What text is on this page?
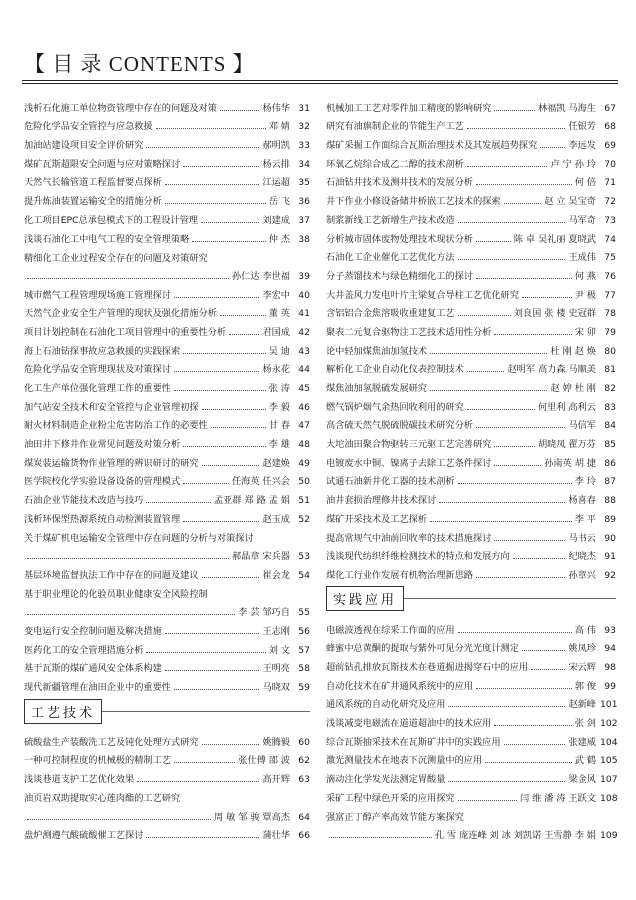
【 目 录 CONTENTS 】
浅析石化施工单位物资管理中存在的问题及对策	杨伟华 31
危险化学品安全管控与应急救援	邓 婧 32
加油站建设项目安全评价研究	郝明凯 33
煤矿瓦斯超限安全问题与应对策略探讨	杨云排 34
天然气长输管道工程监督要点探析	江运超 35
提升炼油装置运输安全的措施分析	岳 飞 36
化工项目EPC总承包模式下的工程设计管理	刘建成 37
浅谈石油化工中电气工程的安全管理策略	仲 杰 38
精细化工企业过程安全存在的问题及对策研究
孙仁达 李世福 39
城市燃气工程管理现场施工管理探讨	李宏中 40
天然气企业安全生产管理的现状及强化措施分析	董 英 41
项目计划控制在石油化工项目管理中的重要性分析	君国成 42
海上石油钻探事故应急救援的实践探索	吴 迪 43
危险化学品安全管理现状及对策探讨	杨永花 44
化工生产单位强化管理工作的重要性	张 涛 45
加气站安全技术和安全管控与企业管理初探	李 毅 46
耐火材料制造企业粉尘危害防治工作的必要性	甘 春 47
油田井下修井作业常见问题及对策分析	李 雄 48
煤炭装运输货物作业管理的辨识研讨的研究	赵建焕 49
医学院校化学实验设备设备的管理模式	任海英 任兴会 50
石油企业节能技术改造与技巧	孟亚群 郑 路 孟 娟 51
浅析环保型热源系统自动检测装置管理	赵玉成 52
关于煤矿机电运输安全管理中存在问题的分析与对策探讨
郝晶章 宋兵器 53
基层环境监督执法工作中存在的问题及建议	崔会龙 54
基于职业理论的化验员职业健康安全风险控制
李 芸 邹巧自 55
变电运行安全控制问题及解决措施	王志刚 56
医药化工的安全管理措施分析	刘 文 57
基于瓦斯的煤矿通风安全体系构建	王明亮 58
现代新疆管理在油田企业中的重要性	马晓双 59
工艺技术
硫酸盐生产装酸洗工艺及钝化处理方式研究	姚腾毅 60
一种可控制程度的机械极的精制工艺	张仕傅 邵 波 62
浅谈巷道支护工艺优化效果	高开辉 63
油页岩双助提取实心莲肉酯的工艺研究
周 敏 邹 骏 覃高杰 64
盘炉测遵气酸硫酸催工艺探讨	蒲壮华 66
机械加工工艺对零件加工精度的影响研究	林福凯 马海生 67
研究有油旗制企业的节能生产工艺	任银芳 68
煤矿采掘工作面综合瓦斯治理技术及其发展趋势探究	李远发 69
环氧乙烷综合成乙二醇的技术剖析	卢 宁 孙 玲 70
石油钻井技术及测井技术的发展分析	何 倍 71
井下作业小修设备储井桥嵌工艺技术的探索	赵 立 吴宝奇 72
制浆新线工艺新增生产技术改造	马军奇 73
分析城市固体废物处理技术现状分析	陈 卓 吴礼丽 夏晓武 74
石油化工企业催化工艺优化方法	王成伟 75
分子蒸馏技术与绿色精细化工的探讨	何 燕 76
大井盖风力发电叶片主梁复合导柱工艺优化研究	尹 极 77
含铝铝合金焦溶吸收重建复工艺	刘良国 张 楼 史冠群 78
聚表二元复合驱物注工艺技术适用性分析	宋 卯 79
论中轻加煤焦油加氢技术	杜 刚 赵 焕 80
解析化工企业自动化仪表控制技术	赵明军 高力森 马顺美 81
煤焦油加氢脱硫发展研究	赵 婷 杜 刚 82
燃气锅炉烟气余热回收利用的研究	何里利 高利云 83
高含硫天然气脱硫脱碳技术研究分析	马信军 84
大坨油田聚合物驱转三元驱工艺完善研究	胡晓凤 翟万芬 85
电镀废水中铜、镍离子去除工艺条件探讨	孙南英 胡 捷 86
试通石油新井化工器的技术剖析	李 玲 87
油井套损治理修井技术探讨	杨喜春 88
煤矿开采技术及工艺探析	李 平 89
提高常规气中油前回收率的技术措施探讨	马书云 90
浅谈现代纺织纤维检测技术的特点和发展方向	纪晓杰 91
煤化工行业作发展有机物治理新思路	孙章兴 92
实践应用
电磁波透视在综采工作面的应用	高 伟 93
蜂蜜中总黄酮的提取与紫外可见分光光度计测定	姚凤珍 94
超前钻孔排放瓦斯技术在巷道掘进揭穿石中的应用	宋云辉 98
自动化技术在矿井通风系统中的应用	郭 俊 99
通风系统的自动化研究及应用	赵新峰 101
浅谈减变电磁流在道道超油中的技术应用	张 剑 102
综合瓦斯抽采技术在瓦斯矿井中的实践应用	张建威 104
激光测量技术在地表下沉测量中的应用	武 鹤 105
滴动注化学发光法测定胃酸量	梁金风 107
采矿工程中绿色开采的应用探究	闫 维 潘 涛 王跃文 108
强富正丁醇产率高效节能方案探究
孔 雪 庞连峰 刘 冰 刘凯诺 王雪静 李 娟 109
